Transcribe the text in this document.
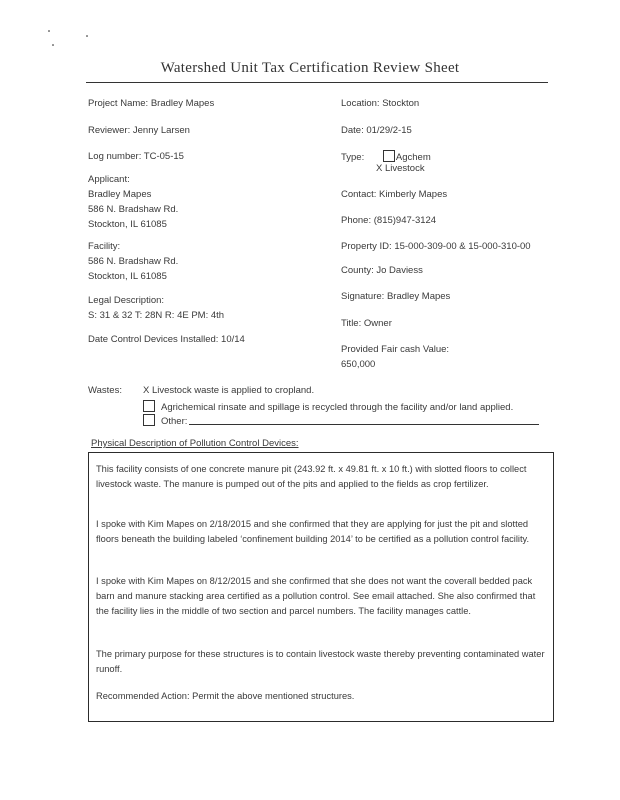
Watershed Unit Tax Certification Review Sheet
Project Name: Bradley Mapes
Reviewer: Jenny Larsen
Log number: TC-05-15
Applicant:
Bradley Mapes
586 N. Bradshaw Rd.
Stockton, IL 61085
Facility:
586 N. Bradshaw Rd.
Stockton, IL 61085
Legal Description:
S: 31 & 32 T: 28N R: 4E PM: 4th
Date Control Devices Installed: 10/14
Location: Stockton
Date: 01/29/2-15
Type:	Agchem
X Livestock
Contact: Kimberly Mapes
Phone: (815)947-3124
Property ID: 15-000-309-00 & 15-000-310-00
County: Jo Daviess
Signature: Bradley Mapes
Title: Owner
Provided Fair cash Value:
650,000
Wastes: X Livestock waste is applied to cropland.
Agrichemical rinsate and spillage is recycled through the facility and/or land applied.
Other:
Physical Description of Pollution Control Devices:
This facility consists of one concrete manure pit (243.92 ft. x 49.81 ft. x 10 ft.) with slotted floors to collect livestock waste. The manure is pumped out of the pits and applied to the fields as crop fertilizer.
I spoke with Kim Mapes on 2/18/2015 and she confirmed that they are applying for just the pit and slotted floors beneath the building labeled ‘confinement building 2014’ to be certified as a pollution control facility.
I spoke with Kim Mapes on 8/12/2015 and she confirmed that she does not want the coverall bedded pack barn and manure stacking area certified as a pollution control. See email attached. She also confirmed that the facility lies in the middle of two section and parcel numbers. The facility manages cattle.
The primary purpose for these structures is to contain livestock waste thereby preventing contaminated water runoff.
Recommended Action: Permit the above mentioned structures.
